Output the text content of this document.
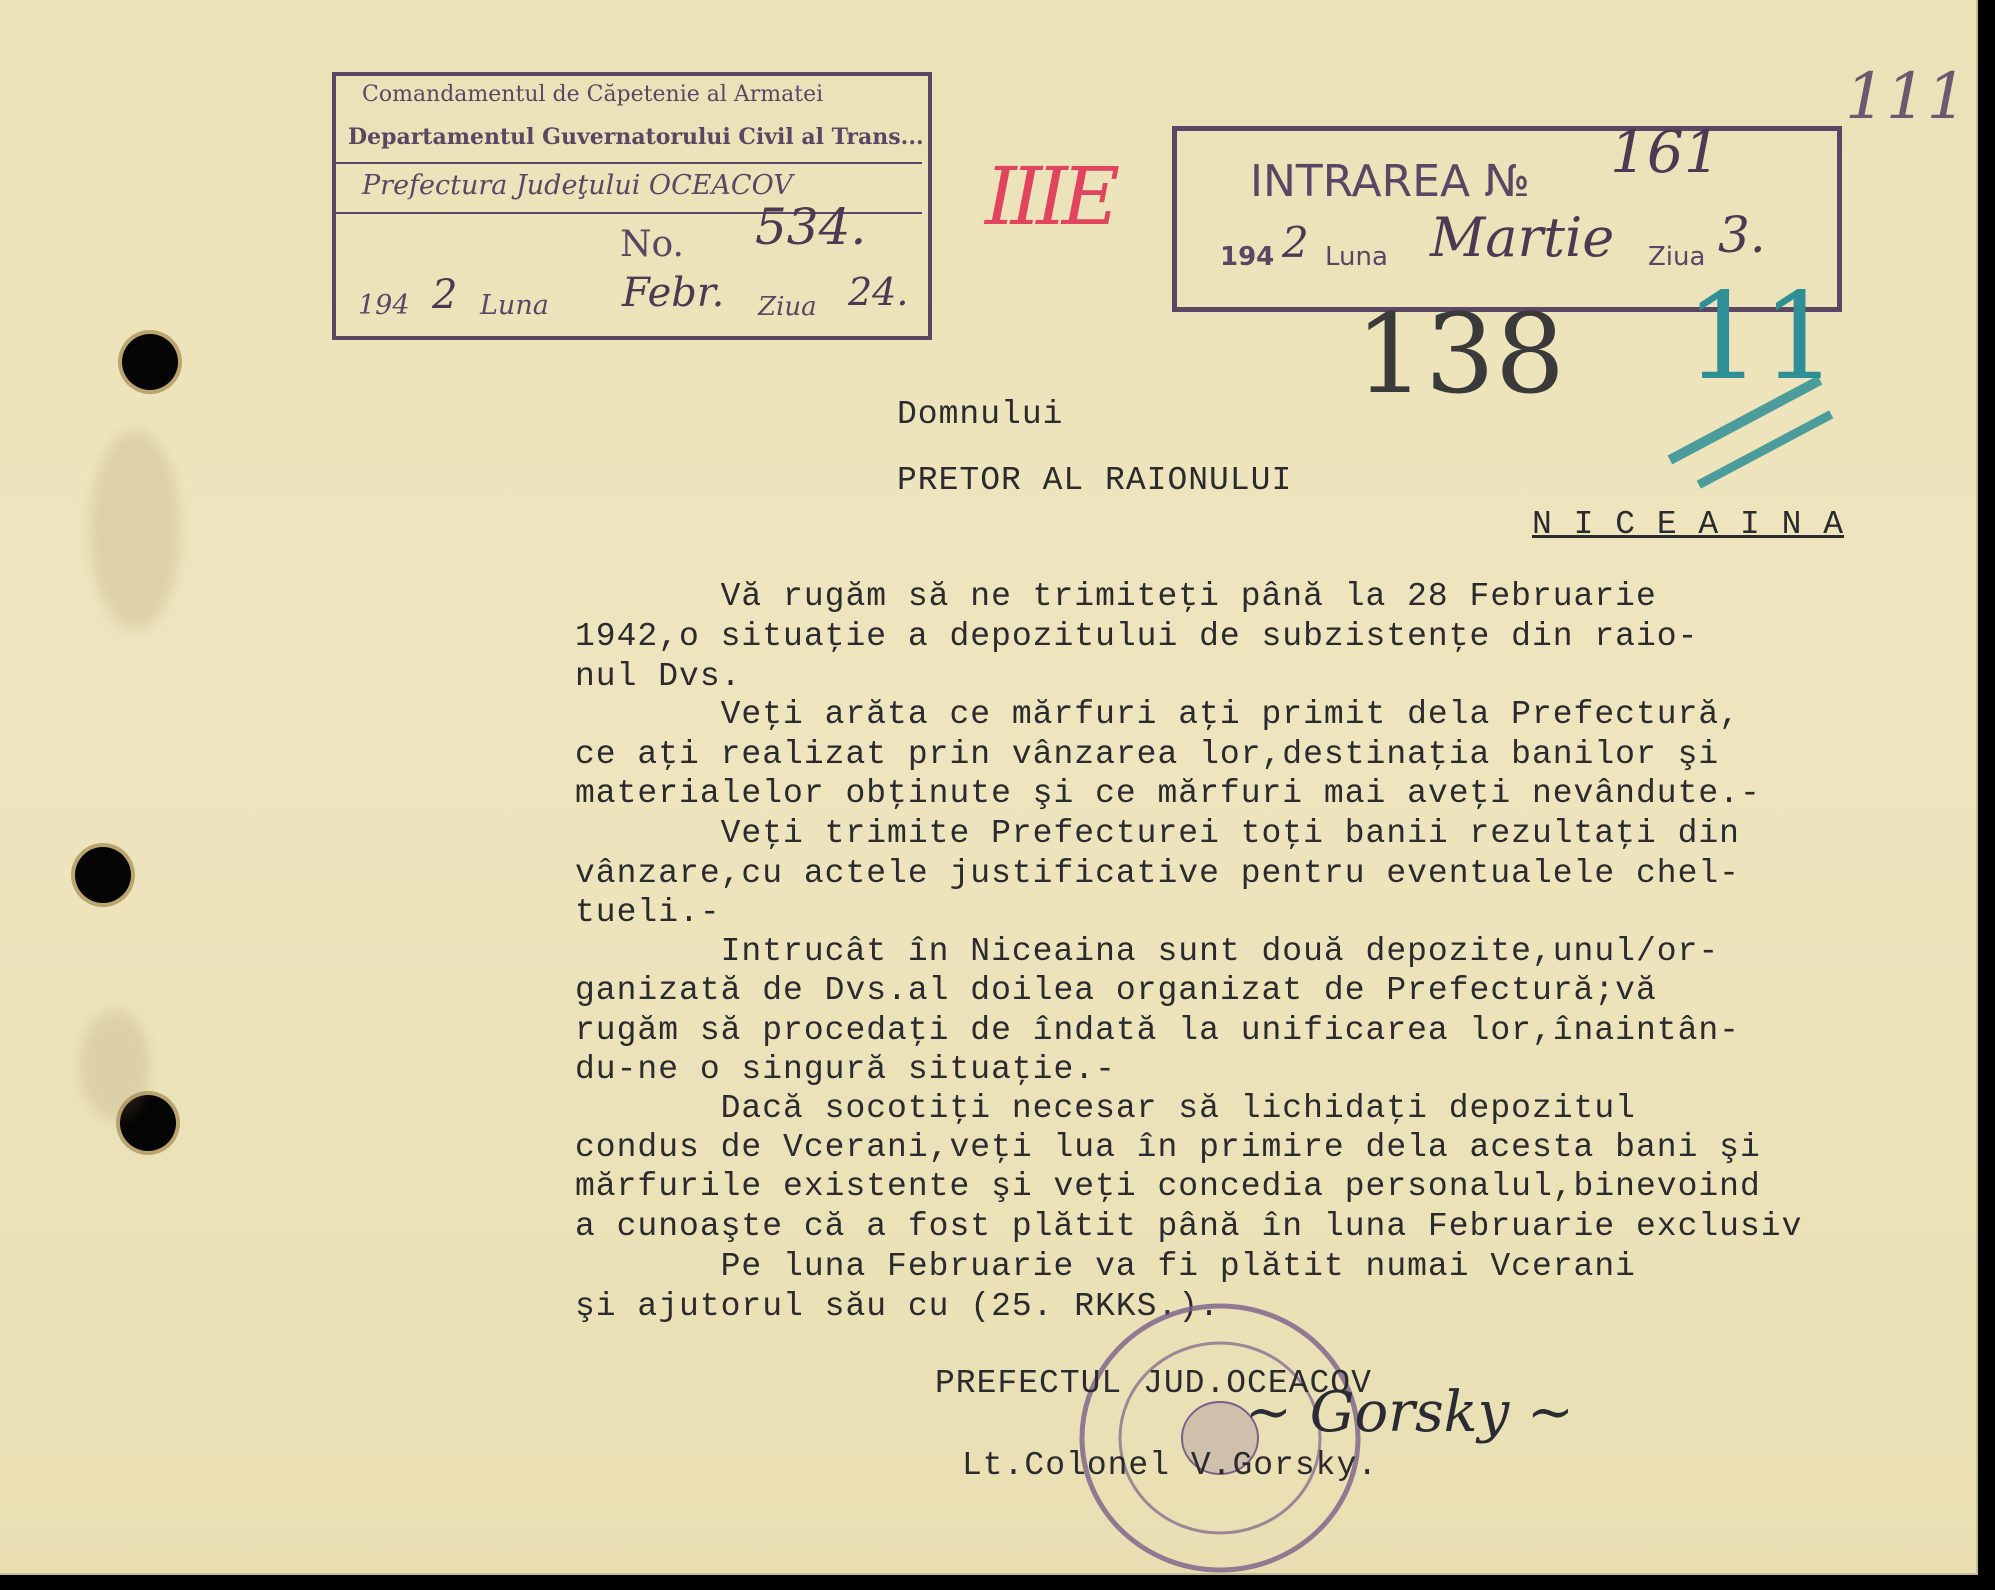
Comandamentul de Căpetenie al Armatei
Departamentul Guvernatorului Civil al Trans...
Prefectura Judeţului OCEACOV
No. 534.
194 2 Luna Febr. Ziua 24.
INTRAREA № 161
194 2 Luna Martie Ziua 3.
111
IIIE
138 11
Domnului
PRETOR AL RAIONULUI
N I C E A I N A
Vă rugăm să ne trimiteţi până la 28 Februarie
1942,o situaţie a depozitului de subzistenţe din raio-
nul Dvs.
Veţi arăta ce mărfuri aţi primit dela Prefectură,
ce aţi realizat prin vânzarea lor,destinaţia banilor şi
materialelor obţinute şi ce mărfuri mai aveţi nevândute.-
Veţi trimite Prefecturei toţi banii rezultaţi din
vânzare,cu actele justificative pentru eventualele chel-
tueli.-
Intrucât în Niceaina sunt două depozite,unul/or-
ganizată de Dvs.al doilea organizat de Prefectură;vă
rugăm să procedaţi de îndată la unificarea lor,înaintân-
du-ne o singură situaţie.-
Dacă socotiţi necesar să lichidaţi depozitul
condus de Vcerani,veţi lua în primire dela acesta bani şi
mărfurile existente şi veţi concedia personalul,binevoind
a cunoaşte că a fost plătit până în luna Februarie exclusiv
Pe luna Februarie va fi plătit numai Vcerani
şi ajutorul său cu (25. RKKS.).
PREFECTUL JUD.OCEACOV
~ Gorsky ~
Lt.Colonel V.Gorsky.
